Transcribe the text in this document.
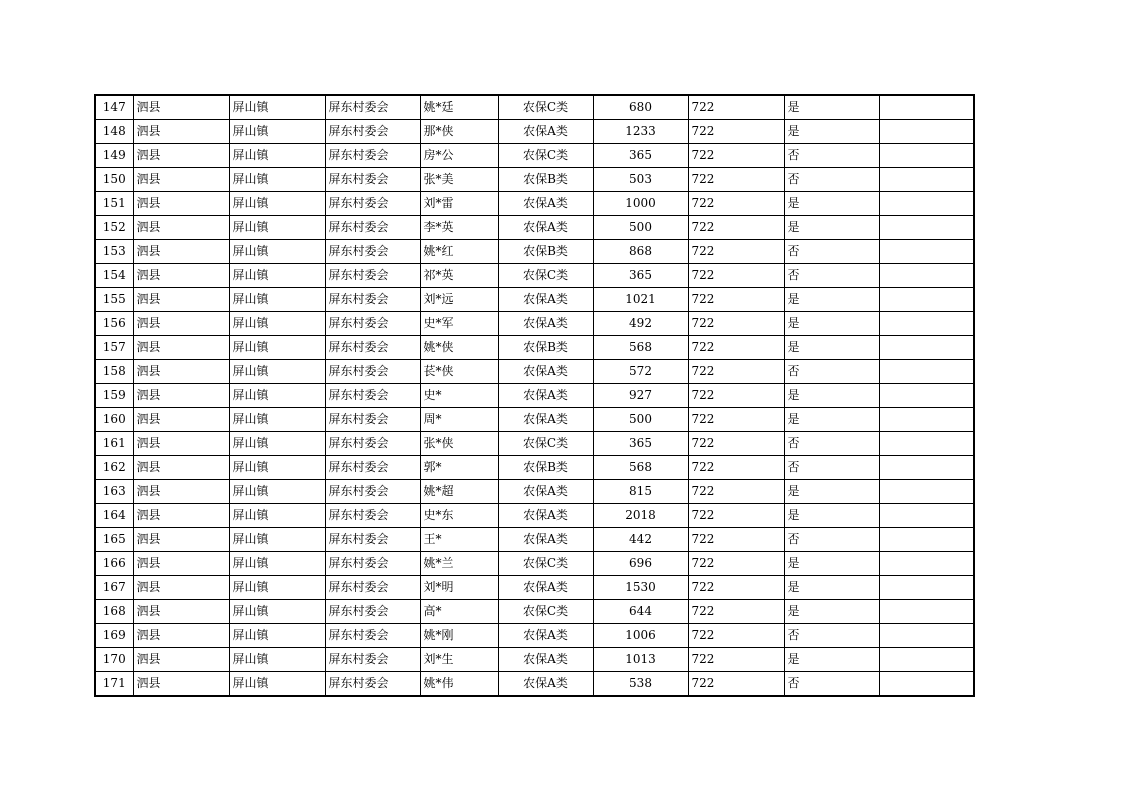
147	泗县	屏山镇	屏东村委会	姚*廷	农保C类	680	722	是	
148	泗县	屏山镇	屏东村委会	那*侠	农保A类	1233	722	是	
149	泗县	屏山镇	屏东村委会	房*公	农保C类	365	722	否	
150	泗县	屏山镇	屏东村委会	张*美	农保B类	503	722	否	
151	泗县	屏山镇	屏东村委会	刘*雷	农保A类	1000	722	是	
152	泗县	屏山镇	屏东村委会	李*英	农保A类	500	722	是	
153	泗县	屏山镇	屏东村委会	姚*红	农保B类	868	722	否	
154	泗县	屏山镇	屏东村委会	祁*英	农保C类	365	722	否	
155	泗县	屏山镇	屏东村委会	刘*远	农保A类	1021	722	是	
156	泗县	屏山镇	屏东村委会	史*军	农保A类	492	722	是	
157	泗县	屏山镇	屏东村委会	姚*侠	农保B类	568	722	是	
158	泗县	屏山镇	屏东村委会	苌*侠	农保A类	572	722	否	
159	泗县	屏山镇	屏东村委会	史*	农保A类	927	722	是	
160	泗县	屏山镇	屏东村委会	周*	农保A类	500	722	是	
161	泗县	屏山镇	屏东村委会	张*侠	农保C类	365	722	否	
162	泗县	屏山镇	屏东村委会	郭*	农保B类	568	722	否	
163	泗县	屏山镇	屏东村委会	姚*超	农保A类	815	722	是	
164	泗县	屏山镇	屏东村委会	史*东	农保A类	2018	722	是	
165	泗县	屏山镇	屏东村委会	王*	农保A类	442	722	否	
166	泗县	屏山镇	屏东村委会	姚*兰	农保C类	696	722	是	
167	泗县	屏山镇	屏东村委会	刘*明	农保A类	1530	722	是	
168	泗县	屏山镇	屏东村委会	高*	农保C类	644	722	是	
169	泗县	屏山镇	屏东村委会	姚*刚	农保A类	1006	722	否	
170	泗县	屏山镇	屏东村委会	刘*生	农保A类	1013	722	是	
171	泗县	屏山镇	屏东村委会	姚*伟	农保A类	538	722	否	
